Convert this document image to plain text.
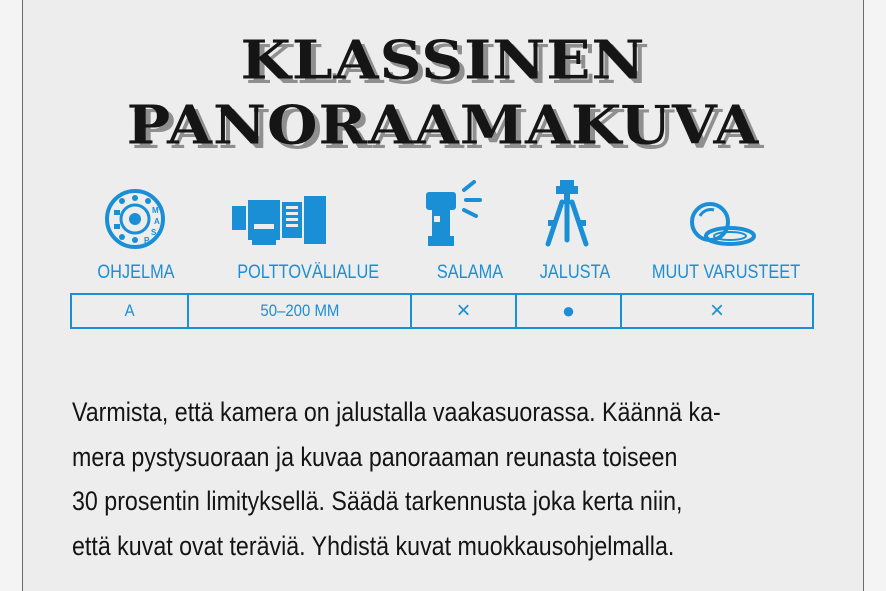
KLASSINEN
PANORAAMAKUVA
M
A
S
P
OHJELMA	POLTTOVÄLIALUE	SALAMA	JALUSTA	MUUT VARUSTEET
A	50–200 MM	×	●	×
Varmista, että kamera on jalustalla vaakasuorassa. Käännä ka-
mera pystysuoraan ja kuvaa panoraaman reunasta toiseen
30 prosentin limityksellä. Säädä tarkennusta joka kerta niin,
että kuvat ovat teräviä. Yhdistä kuvat muokkausohjelmalla.
